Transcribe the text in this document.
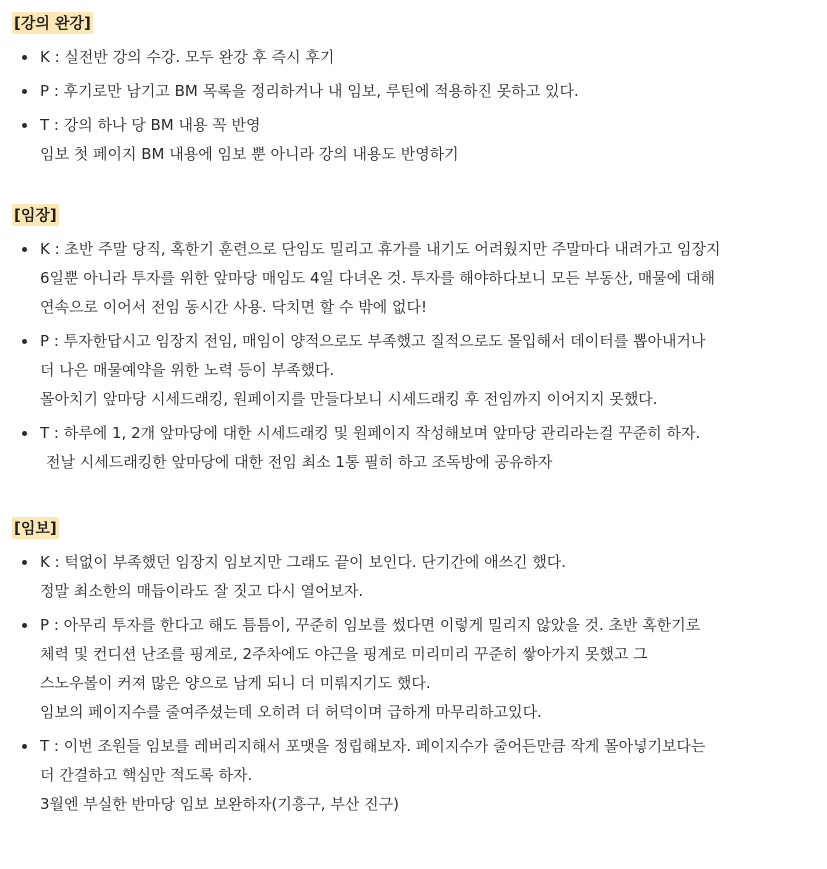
[강의 완강]
K : 실전반 강의 수강. 모두 완강 후 즉시 후기
P : 후기로만 남기고 BM 목록을 정리하거나 내 임보, 루틴에 적용하진 못하고 있다.
T : 강의 하나 당 BM 내용 꼭 반영
임보 첫 페이지 BM 내용에 임보 뿐 아니라 강의 내용도 반영하기
[임장]
K : 초반 주말 당직, 혹한기 훈련으로 단임도 밀리고 휴가를 내기도 어려웠지만 주말마다 내려가고 임장지
6일뿐 아니라 투자를 위한 앞마당 매임도 4일 다녀온 것. 투자를 해야하다보니 모든 부동산, 매물에 대해
연속으로 이어서 전임 동시간 사용. 닥치면 할 수 밖에 없다!
P : 투자한답시고 임장지 전임, 매임이 양적으로도 부족했고 질적으로도 몰입해서 데이터를 뽑아내거나
더 나은 매물예약을 위한 노력 등이 부족했다.
몰아치기 앞마당 시세드래킹, 원페이지를 만들다보니 시세드래킹 후 전임까지 이어지지 못했다.
T : 하루에 1, 2개 앞마당에 대한 시세드래킹 및 원페이지 작성해보며 앞마당 관리라는걸 꾸준히 하자.
전날 시세드래킹한 앞마당에 대한 전임 최소 1통 필히 하고 조독방에 공유하자
[임보]
K : 턱없이 부족했던 임장지 임보지만 그래도 끝이 보인다. 단기간에 애쓰긴 했다.
정말 최소한의 매듭이라도 잘 짓고 다시 열어보자.
P : 아무리 투자를 한다고 해도 틈틈이, 꾸준히 임보를 썼다면 이렇게 밀리지 않았을 것. 초반 혹한기로
체력 및 컨디션 난조를 핑계로, 2주차에도 야근을 핑계로 미리미리 꾸준히 쌓아가지 못했고 그
스노우볼이 커져 많은 양으로 남게 되니 더 미뤄지기도 했다.
임보의 페이지수를 줄여주셨는데 오히려 더 허덕이며 급하게 마무리하고있다.
T : 이번 조원들 임보를 레버리지해서 포맷을 정립해보자. 페이지수가 줄어든만큼 작게 몰아넣기보다는
더 간결하고 핵심만 적도록 하자.
3월엔 부실한 반마당 임보 보완하자(기흥구, 부산 진구)
